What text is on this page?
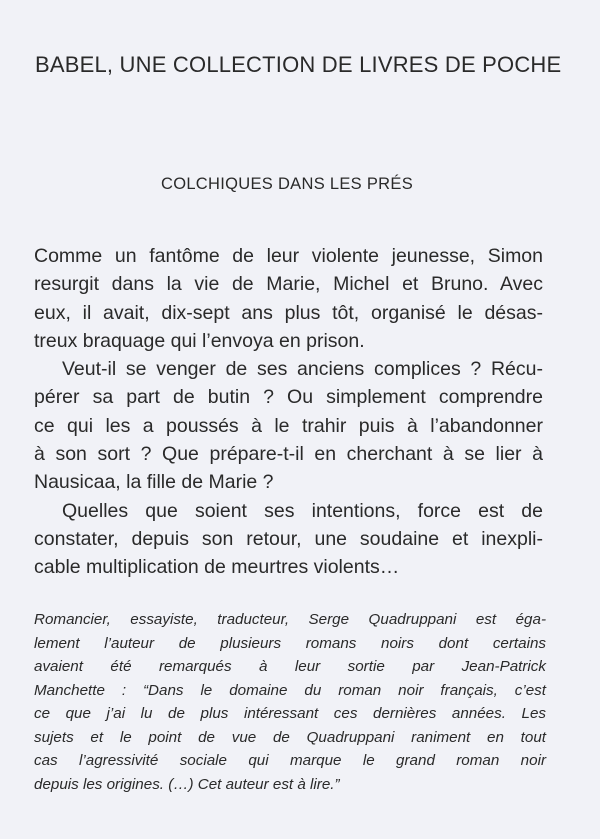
BABEL, UNE COLLECTION DE LIVRES DE POCHE
COLCHIQUES DANS LES PRÉS

Comme un fantôme de leur violente jeunesse, Simon
resurgit dans la vie de Marie, Michel et Bruno. Avec
eux, il avait, dix-sept ans plus tôt, organisé le désas-
treux braquage qui l’envoya en prison.

Veut-il se venger de ses anciens complices ? Récu-
pérer sa part de butin ? Ou simplement comprendre
ce qui les a poussés à le trahir puis à l’abandonner
à son sort ? Que prépare-t-il en cherchant à se lier à
Nausicaa, la fille de Marie ?

Quelles que soient ses intentions, force est de
constater, depuis son retour, une soudaine et inexpli-
cable multiplication de meurtres violents…

Romancier, essayiste, traducteur, Serge Quadruppani est éga-
lement l’auteur de plusieurs romans noirs dont certains
avaient été remarqués à leur sortie par Jean-Patrick
Manchette : “Dans le domaine du roman noir français, c’est
ce que j’ai lu de plus intéressant ces dernières années. Les
sujets et le point de vue de Quadruppani raniment en tout
cas l’agressivité sociale qui marque le grand roman noir
depuis les origines. (…) Cet auteur est à lire.”
